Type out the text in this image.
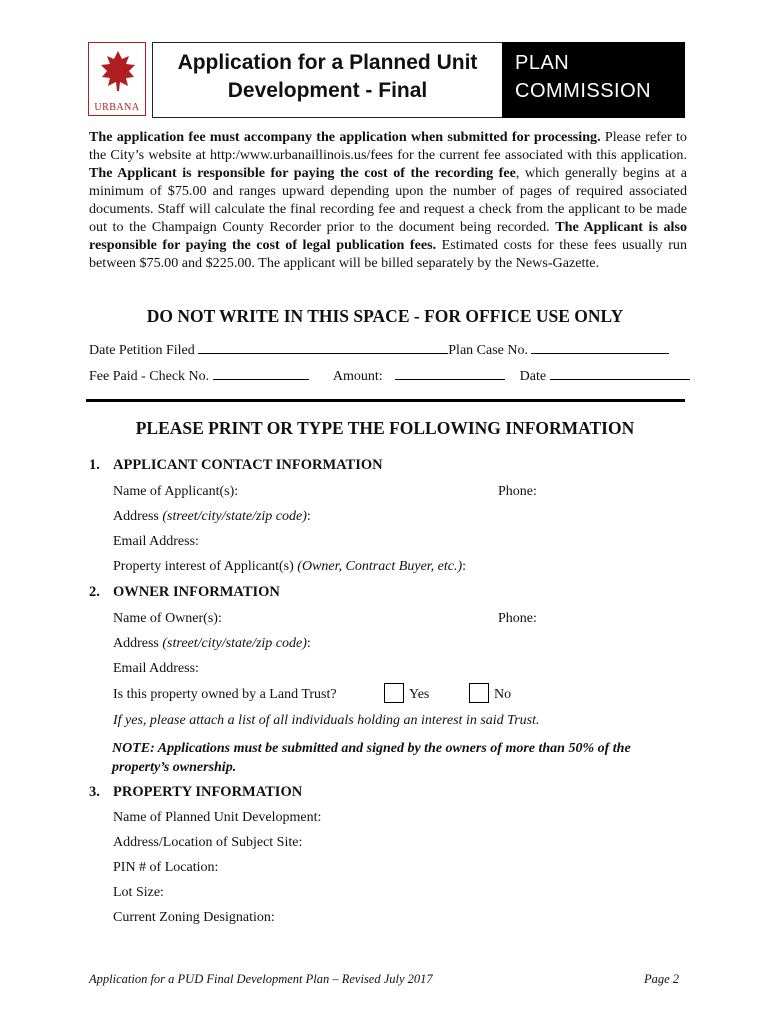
URBANA
Application for a Planned Unit
Development - Final
PLAN
COMMISSION
The application fee must accompany the application when submitted for processing. Please refer to the City’s website at http:/www.urbanaillinois.us/fees for the current fee associated with this application. The Applicant is responsible for paying the cost of the recording fee, which generally begins at a minimum of $75.00 and ranges upward depending upon the number of pages of required associated documents. Staff will calculate the final recording fee and request a check from the applicant to be made out to the Champaign County Recorder prior to the document being recorded. The Applicant is also responsible for paying the cost of legal publication fees. Estimated costs for these fees usually run between $75.00 and $225.00. The applicant will be billed separately by the News-Gazette.
DO NOT WRITE IN THIS SPACE - FOR OFFICE USE ONLY
Date Petition Filed	Plan Case No.
Fee Paid - Check No.	Amount:	Date
PLEASE PRINT OR TYPE THE FOLLOWING INFORMATION
1. APPLICANT CONTACT INFORMATION
Name of Applicant(s):	Phone:
Address (street/city/state/zip code):
Email Address:
Property interest of Applicant(s) (Owner, Contract Buyer, etc.):
2. OWNER INFORMATION
Name of Owner(s):	Phone:
Address (street/city/state/zip code):
Email Address:
Is this property owned by a Land Trust?	Yes	No
If yes, please attach a list of all individuals holding an interest in said Trust.
NOTE: Applications must be submitted and signed by the owners of more than 50% of the property’s ownership.
3. PROPERTY INFORMATION
Name of Planned Unit Development:
Address/Location of Subject Site:
PIN # of Location:
Lot Size:
Current Zoning Designation:
Application for a PUD Final Development Plan – Revised July 2017	Page 2
